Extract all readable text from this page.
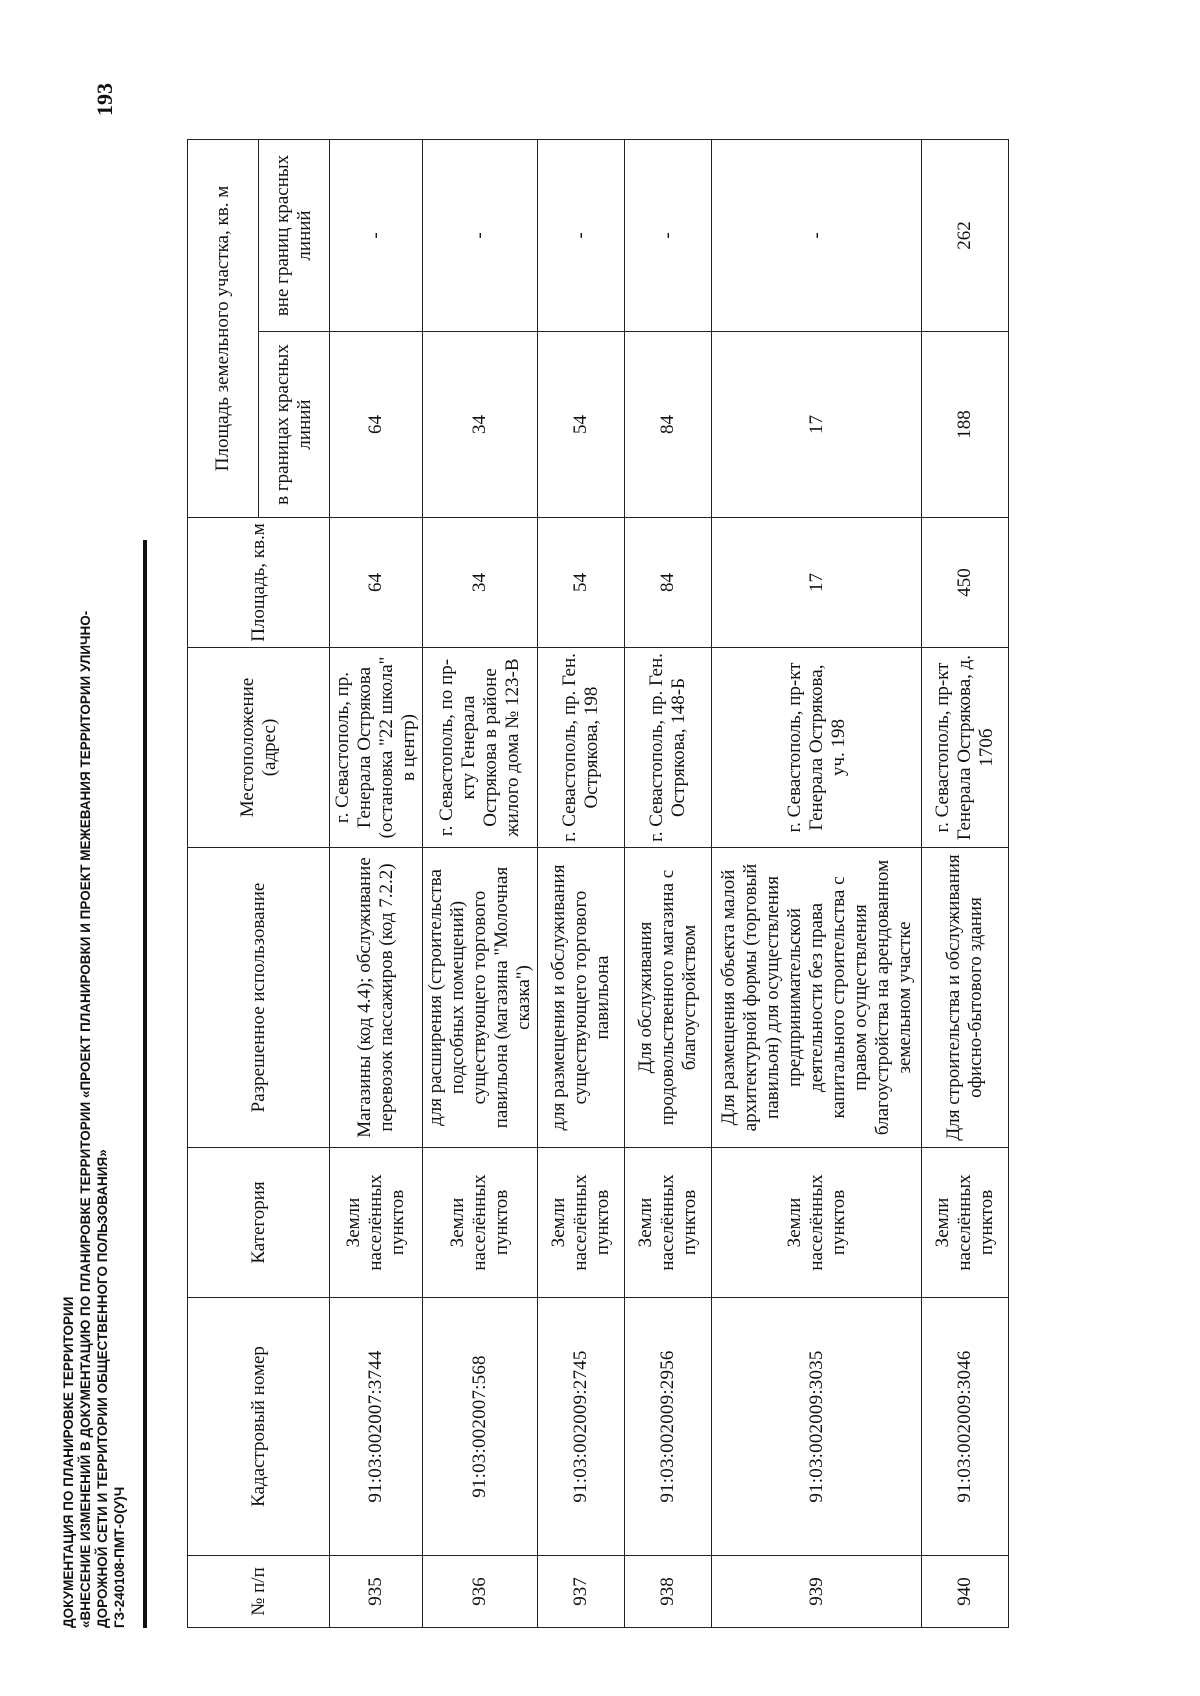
193
ДОКУМЕНТАЦИЯ ПО ПЛАНИРОВКЕ ТЕРРИТОРИИ «ВНЕСЕНИЕ ИЗМЕНЕНИЙ В ДОКУМЕНТАЦИЮ ПО ПЛАНИРОВКЕ ТЕРРИТОРИИ «ПРОЕКТ ПЛАНИРОВКИ И ПРОЕКТ МЕЖЕВАНИЯ ТЕРРИТОРИИ УЛИЧНО- ДОРОЖНОЙ СЕТИ И ТЕРРИТОРИИ ОБЩЕСТВЕННОГО ПОЛЬЗОВАНИЯ» ГЗ-240108-ПМТ-О(У)Ч	№ п/п	Кадастровый номер	Категория	Разрешенное использование	Местоположение (адрес)	Площадь, кв.м	Площадь земельного участка, кв. м	
						в границах красных линий	вне границ красных линий
935	91:03:002007:3744	Земли населённых пунктов	Магазины (код 4.4); обслуживание перевозок пассажиров (код 7.2.2)	г. Севастополь, пр. Генерала Острякова (остановка "22 школа" в центр)	64	64	-
936	91:03:002007:568	Земли населённых пунктов	для расширения (строительства подсобных помещений) существующего торгового павильона (магазина "Молочная сказка")	г. Севастополь, по пр-кту Генерала Острякова в районе жилого дома № 123-В	34	34	-
937	91:03:002009:2745	Земли населённых пунктов	для размещения и обслуживания существующего торгового павильона	г. Севастополь, пр. Ген. Острякова, 198	54	54	-
938	91:03:002009:2956	Земли населённых пунктов	Для обслуживания продовольственного магазина с благоустройством	г. Севастополь, пр. Ген. Острякова, 148-Б	84	84	-
939	91:03:002009:3035	Земли населённых пунктов	Для размещения объекта малой архитектурной формы (торговый павильон) для осуществления предпринимательской деятельности без права капитального строительства с правом осуществления благоустройства на арендованном земельном участке	г. Севастополь, пр-кт Генерала Острякова, уч. 198	17	17	-
940	91:03:002009:3046	Земли населённых пунктов	Для строительства и обслуживания офисно-бытового здания	г. Севастополь, пр-кт Генерала Острякова, д. 170б	450	188	262
